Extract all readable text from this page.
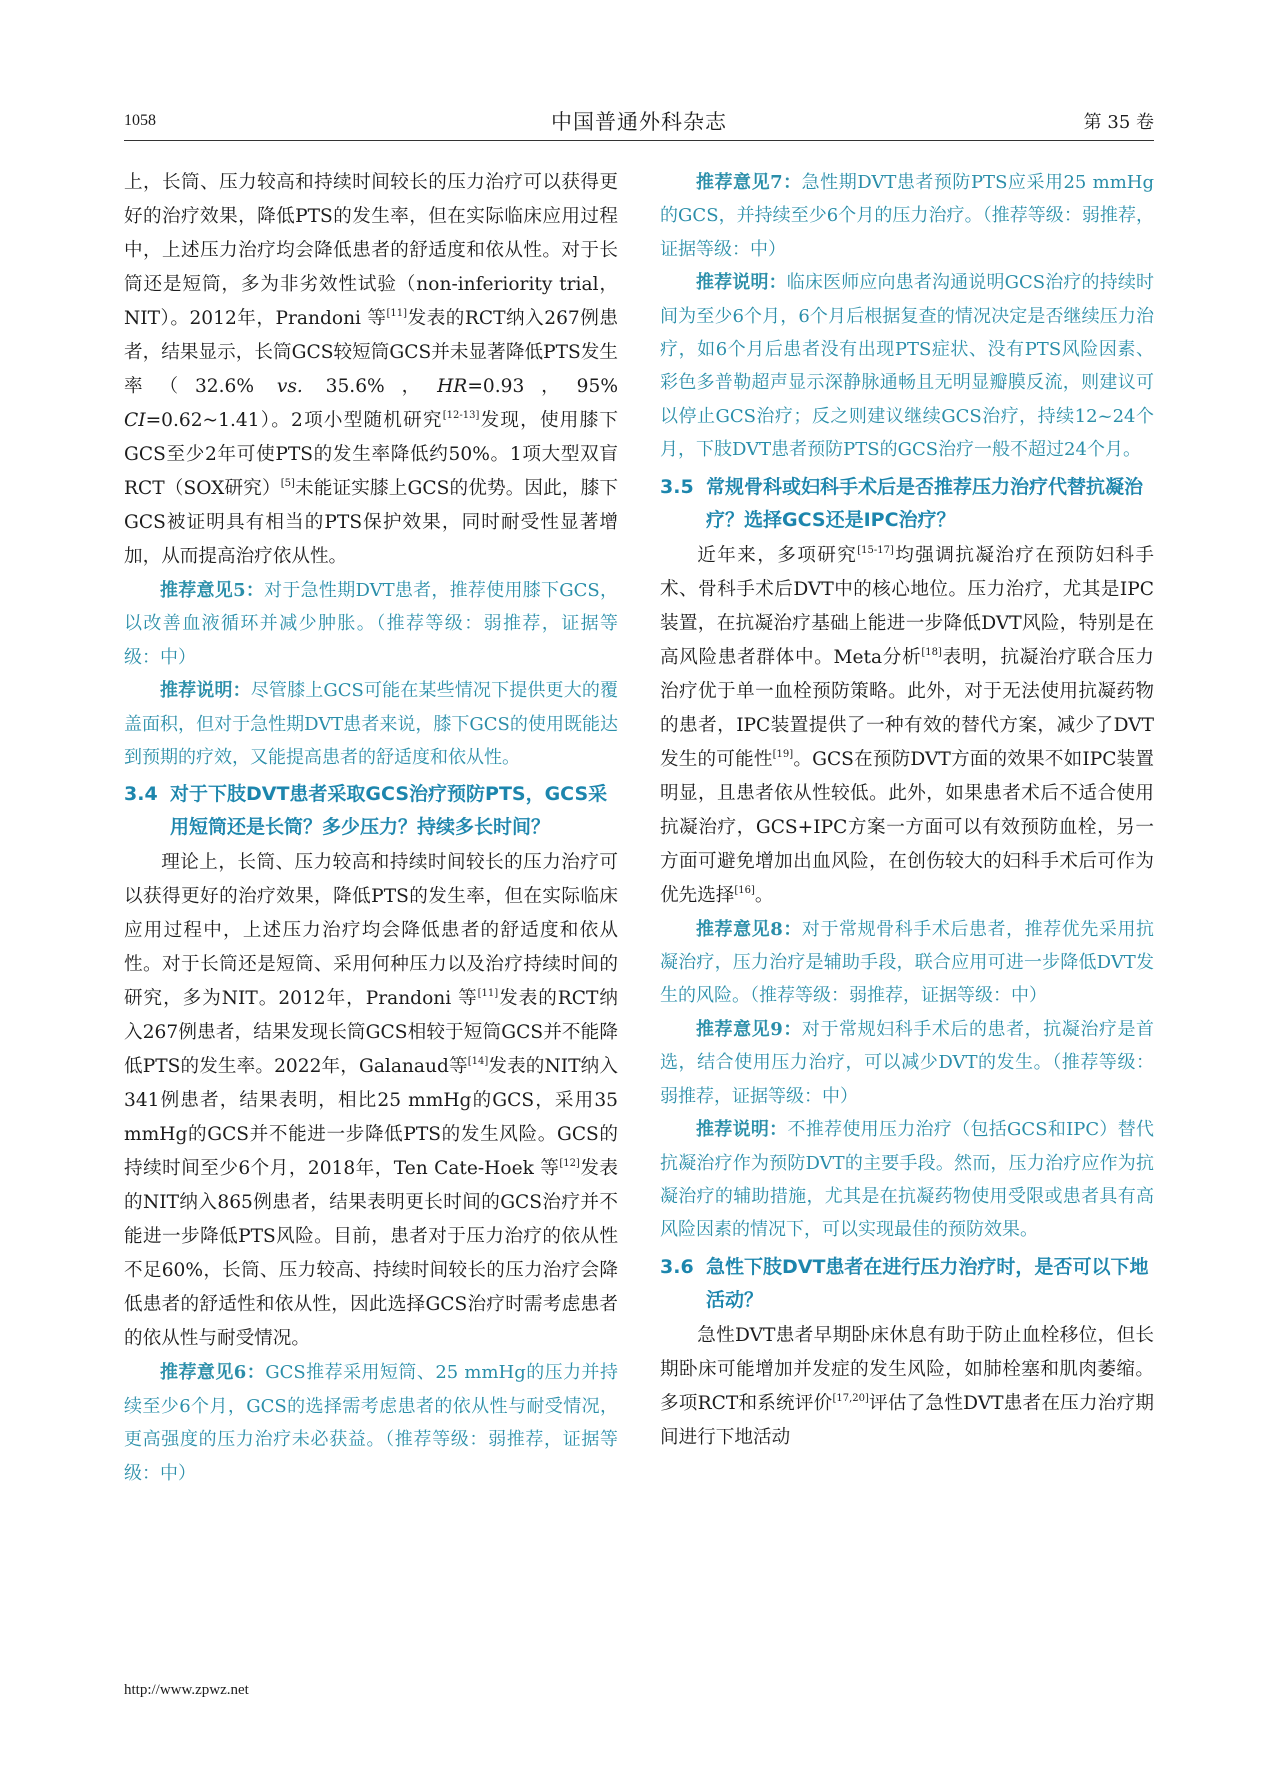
1058	中国普通外科杂志	第 35 卷

上，长筒、压力较高和持续时间较长的压力治疗可以获得更好的治疗效果，降低PTS的发生率，但在实际临床应用过程中，上述压力治疗均会降低患者的舒适度和依从性。对于长筒还是短筒，多为非劣效性试验（non-inferiority trial，NIT）。2012年，Prandoni 等[11]发表的RCT纳入267例患者，结果显示，长筒GCS较短筒GCS并未显著降低PTS发生率（32.6% vs. 35.6%，HR=0.93，95% CI=0.62~1.41）。2项小型随机研究[12-13]发现，使用膝下GCS至少2年可使PTS的发生率降低约50%。1项大型双盲RCT（SOX研究）[5]未能证实膝上GCS的优势。因此，膝下GCS被证明具有相当的PTS保护效果，同时耐受性显著增加，从而提高治疗依从性。

推荐意见5：对于急性期DVT患者，推荐使用膝下GCS，以改善血液循环并减少肿胀。（推荐等级：弱推荐，证据等级：中）

推荐说明：尽管膝上GCS可能在某些情况下提供更大的覆盖面积，但对于急性期DVT患者来说，膝下GCS的使用既能达到预期的疗效，又能提高患者的舒适度和依从性。

3.4 对于下肢DVT患者采取GCS治疗预防PTS，GCS采用短筒还是长筒？多少压力？持续多长时间？

理论上，长筒、压力较高和持续时间较长的压力治疗可以获得更好的治疗效果，降低PTS的发生率，但在实际临床应用过程中，上述压力治疗均会降低患者的舒适度和依从性。对于长筒还是短筒、采用何种压力以及治疗持续时间的研究，多为NIT。2012年，Prandoni 等[11]发表的RCT纳入267例患者，结果发现长筒GCS相较于短筒GCS并不能降低PTS的发生率。2022年，Galanaud等[14]发表的NIT纳入341例患者，结果表明，相比25 mmHg的GCS，采用35 mmHg的GCS并不能进一步降低PTS的发生风险。GCS的持续时间至少6个月，2018年，Ten Cate-Hoek 等[12]发表的NIT纳入865例患者，结果表明更长时间的GCS治疗并不能进一步降低PTS风险。目前，患者对于压力治疗的依从性不足60%，长筒、压力较高、持续时间较长的压力治疗会降低患者的舒适性和依从性，因此选择GCS治疗时需考虑患者的依从性与耐受情况。

推荐意见6：GCS推荐采用短筒、25 mmHg的压力并持续至少6个月，GCS的选择需考虑患者的依从性与耐受情况，更高强度的压力治疗未必获益。（推荐等级：弱推荐，证据等级：中）

推荐意见7：急性期DVT患者预防PTS应采用25 mmHg的GCS，并持续至少6个月的压力治疗。（推荐等级：弱推荐，证据等级：中）

推荐说明：临床医师应向患者沟通说明GCS治疗的持续时间为至少6个月，6个月后根据复查的情况决定是否继续压力治疗，如6个月后患者没有出现PTS症状、没有PTS风险因素、彩色多普勒超声显示深静脉通畅且无明显瓣膜反流，则建议可以停止GCS治疗；反之则建议继续GCS治疗，持续12~24个月，下肢DVT患者预防PTS的GCS治疗一般不超过24个月。

3.5 常规骨科或妇科手术后是否推荐压力治疗代替抗凝治疗？选择GCS还是IPC治疗？

近年来，多项研究[15-17]均强调抗凝治疗在预防妇科手术、骨科手术后DVT中的核心地位。压力治疗，尤其是IPC装置，在抗凝治疗基础上能进一步降低DVT风险，特别是在高风险患者群体中。Meta分析[18]表明，抗凝治疗联合压力治疗优于单一血栓预防策略。此外，对于无法使用抗凝药物的患者，IPC装置提供了一种有效的替代方案，减少了DVT发生的可能性[19]。GCS在预防DVT方面的效果不如IPC装置明显，且患者依从性较低。此外，如果患者术后不适合使用抗凝治疗，GCS+IPC方案一方面可以有效预防血栓，另一方面可避免增加出血风险，在创伤较大的妇科手术后可作为优先选择[16]。

推荐意见8：对于常规骨科手术后患者，推荐优先采用抗凝治疗，压力治疗是辅助手段，联合应用可进一步降低DVT发生的风险。（推荐等级：弱推荐，证据等级：中）

推荐意见9：对于常规妇科手术后的患者，抗凝治疗是首选，结合使用压力治疗，可以减少DVT的发生。（推荐等级：弱推荐，证据等级：中）

推荐说明：不推荐使用压力治疗（包括GCS和IPC）替代抗凝治疗作为预防DVT的主要手段。然而，压力治疗应作为抗凝治疗的辅助措施，尤其是在抗凝药物使用受限或患者具有高风险因素的情况下，可以实现最佳的预防效果。

3.6 急性下肢DVT患者在进行压力治疗时，是否可以下地活动？

急性DVT患者早期卧床休息有助于防止血栓移位，但长期卧床可能增加并发症的发生风险，如肺栓塞和肌肉萎缩。多项RCT和系统评价[17,20]评估了急性DVT患者在压力治疗期间进行下地活动

http://www.zpwz.net
